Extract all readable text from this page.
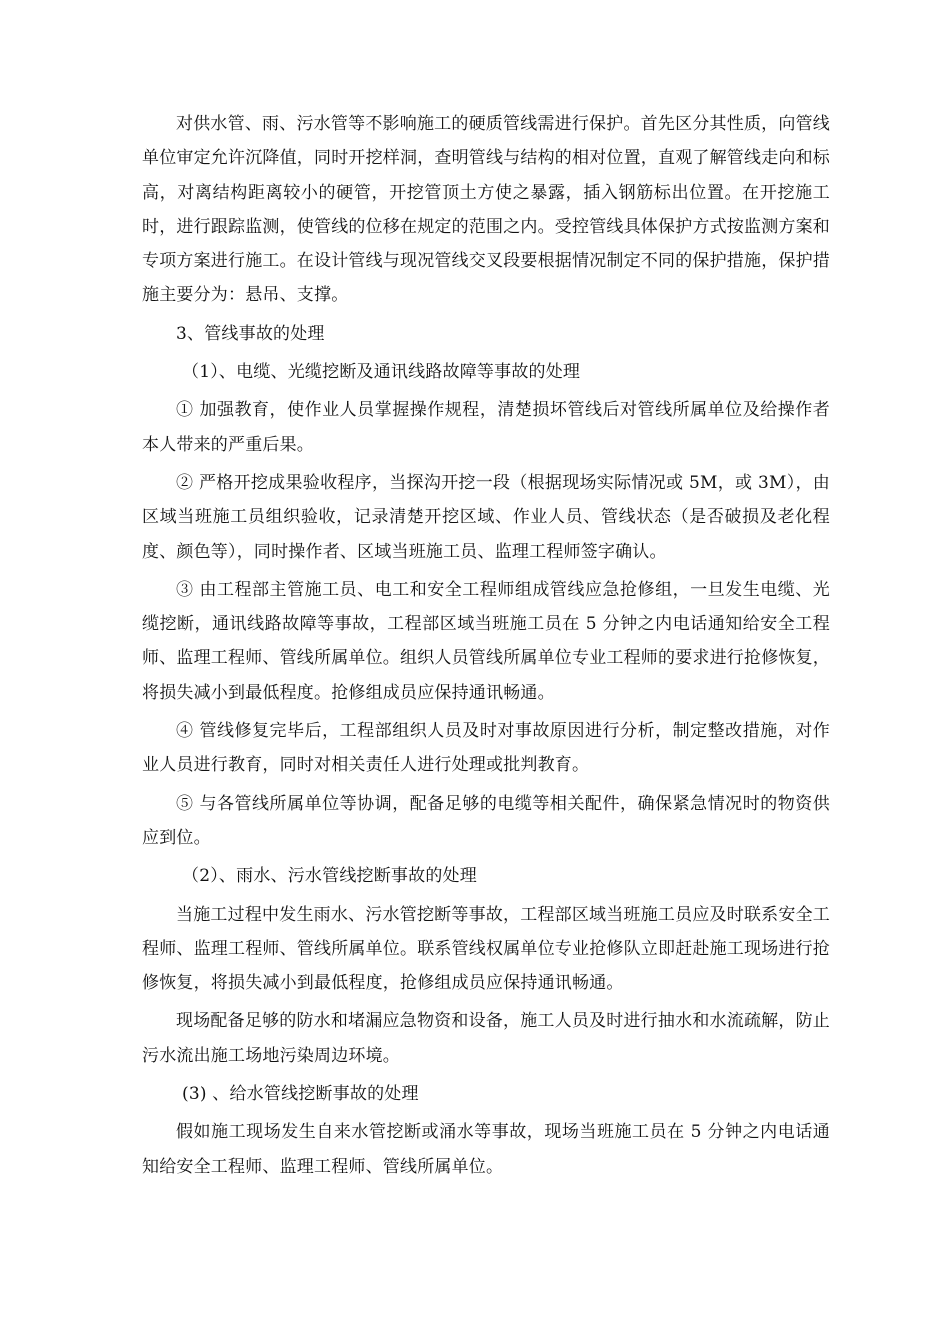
对供水管、雨、污水管等不影响施工的硬质管线需进行保护。首先区分其性质，向管线单位审定允许沉降值，同时开挖样洞，查明管线与结构的相对位置，直观了解管线走向和标高，对离结构距离较小的硬管，开挖管顶土方使之暴露，插入钢筋标出位置。在开挖施工时，进行跟踪监测，使管线的位移在规定的范围之内。受控管线具体保护方式按监测方案和专项方案进行施工。在设计管线与现况管线交叉段要根据情况制定不同的保护措施，保护措施主要分为：悬吊、支撑。

3、管线事故的处理

（1）、电缆、光缆挖断及通讯线路故障等事故的处理

① 加强教育，使作业人员掌握操作规程，清楚损坏管线后对管线所属单位及给操作者本人带来的严重后果。

② 严格开挖成果验收程序，当探沟开挖一段（根据现场实际情况或 5M，或 3M），由区域当班施工员组织验收，记录清楚开挖区域、作业人员、管线状态（是否破损及老化程度、颜色等），同时操作者、区域当班施工员、监理工程师签字确认。

③ 由工程部主管施工员、电工和安全工程师组成管线应急抢修组，一旦发生电缆、光缆挖断，通讯线路故障等事故，工程部区域当班施工员在 5 分钟之内电话通知给安全工程师、监理工程师、管线所属单位。组织人员管线所属单位专业工程师的要求进行抢修恢复，将损失减小到最低程度。抢修组成员应保持通讯畅通。

④ 管线修复完毕后，工程部组织人员及时对事故原因进行分析，制定整改措施，对作业人员进行教育，同时对相关责任人进行处理或批判教育。

⑤ 与各管线所属单位等协调，配备足够的电缆等相关配件，确保紧急情况时的物资供应到位。

（2）、雨水、污水管线挖断事故的处理

当施工过程中发生雨水、污水管挖断等事故，工程部区域当班施工员应及时联系安全工程师、监理工程师、管线所属单位。联系管线权属单位专业抢修队立即赶赴施工现场进行抢修恢复，将损失减小到最低程度，抢修组成员应保持通讯畅通。

现场配备足够的防水和堵漏应急物资和设备，施工人员及时进行抽水和水流疏解，防止污水流出施工场地污染周边环境。

(3) 、给水管线挖断事故的处理

假如施工现场发生自来水管挖断或涌水等事故，现场当班施工员在 5 分钟之内电话通知给安全工程师、监理工程师、管线所属单位。
